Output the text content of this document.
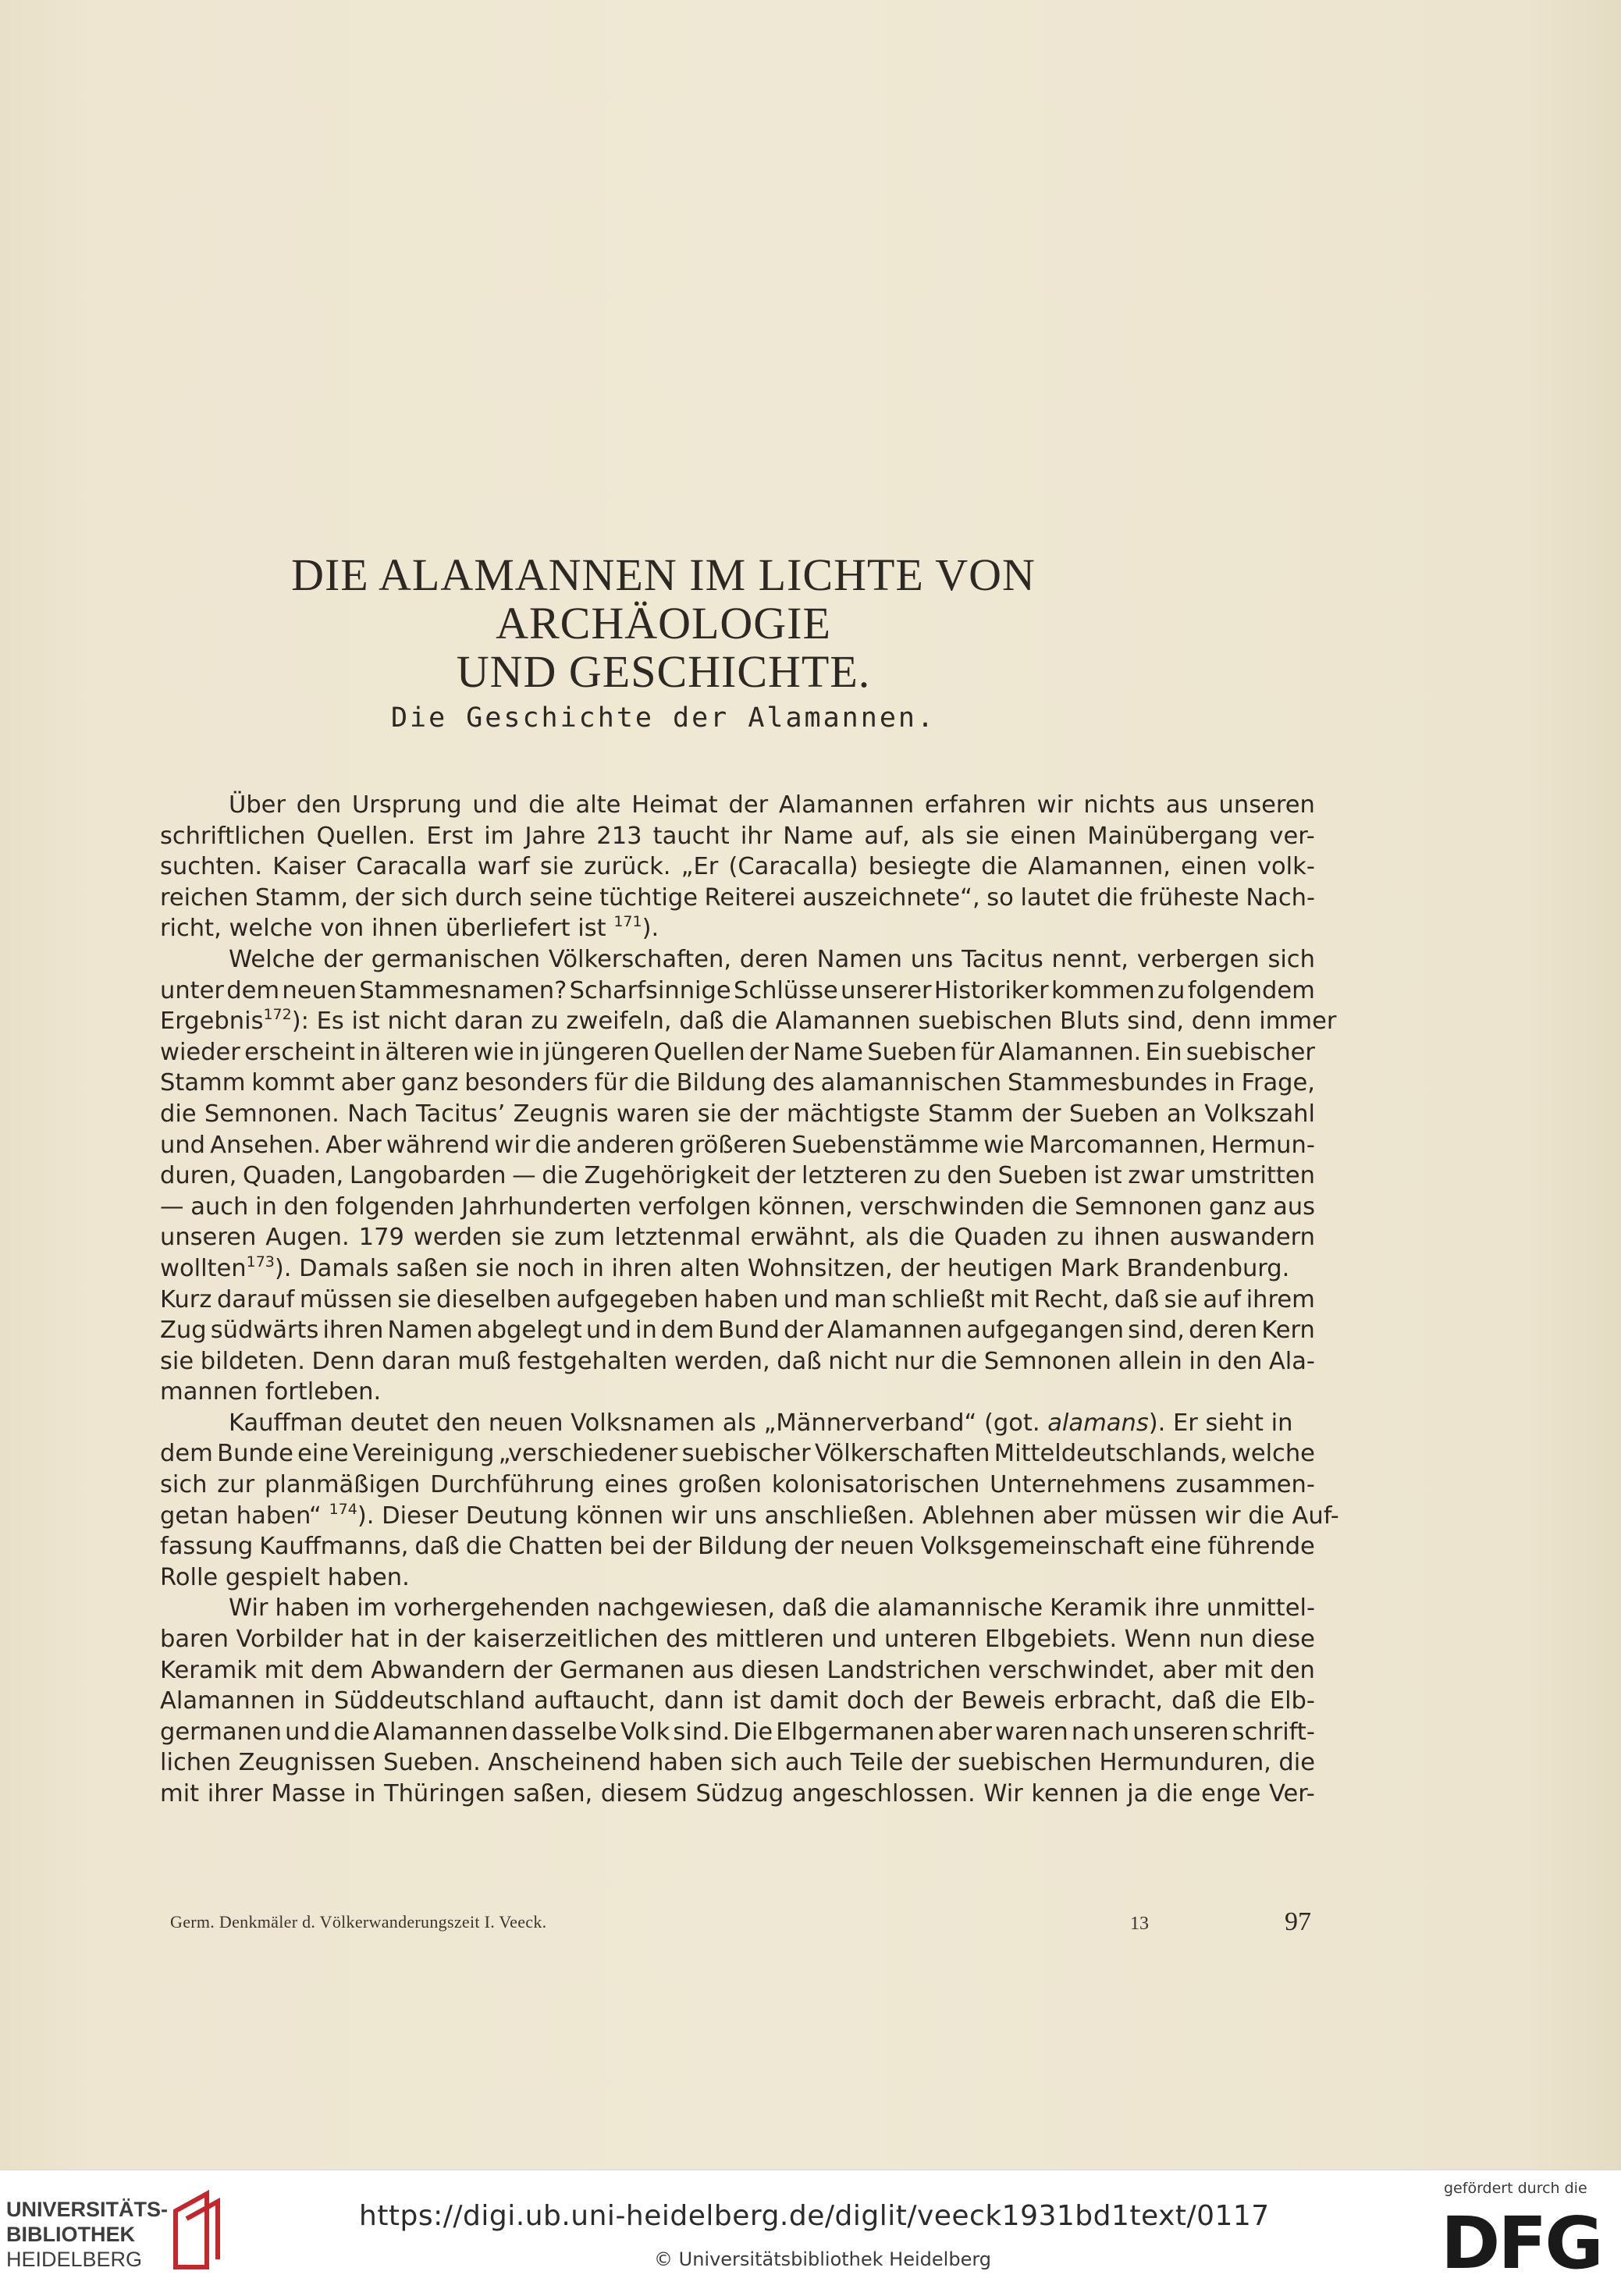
DIE ALAMANNEN IM LICHTE VON ARCHÄOLOGIE
UND GESCHICHTE.
Die Geschichte der Alamannen.
Über den Ursprung und die alte Heimat der Alamannen erfahren wir nichts aus unseren
schriftlichen Quellen. Erst im Jahre 213 taucht ihr Name auf, als sie einen Mainübergang ver-
suchten. Kaiser Caracalla warf sie zurück. „Er (Caracalla) besiegte die Alamannen, einen volk-
reichen Stamm, der sich durch seine tüchtige Reiterei auszeichnete“, so lautet die früheste Nach-
richt, welche von ihnen überliefert ist $^{171}$).
Welche der germanischen Völkerschaften, deren Namen uns Tacitus nennt, verbergen sich
unter dem neuen Stammesnamen? Scharfsinnige Schlüsse unserer Historiker kommen zu folgendem
Ergebnis$^{172}$): Es ist nicht daran zu zweifeln, daß die Alamannen suebischen Bluts sind, denn immer
wieder erscheint in älteren wie in jüngeren Quellen der Name Sueben für Alamannen. Ein suebischer
Stamm kommt aber ganz besonders für die Bildung des alamannischen Stammesbundes in Frage,
die Semnonen. Nach Tacitus’ Zeugnis waren sie der mächtigste Stamm der Sueben an Volkszahl
und Ansehen. Aber während wir die anderen größeren Suebenstämme wie Marcomannen, Hermun-
duren, Quaden, Langobarden — die Zugehörigkeit der letzteren zu den Sueben ist zwar umstritten
— auch in den folgenden Jahrhunderten verfolgen können, verschwinden die Semnonen ganz aus
unseren Augen. 179 werden sie zum letztenmal erwähnt, als die Quaden zu ihnen auswandern
wollten$^{173}$). Damals saßen sie noch in ihren alten Wohnsitzen, der heutigen Mark Brandenburg.
Kurz darauf müssen sie dieselben aufgegeben haben und man schließt mit Recht, daß sie auf ihrem
Zug südwärts ihren Namen abgelegt und in dem Bund der Alamannen aufgegangen sind, deren Kern
sie bildeten. Denn daran muß festgehalten werden, daß nicht nur die Semnonen allein in den Ala-
mannen fortleben.
Kauffman deutet den neuen Volksnamen als „Männerverband“ (got. alamans). Er sieht in
dem Bunde eine Vereinigung „verschiedener suebischer Völkerschaften Mitteldeutschlands, welche
sich zur planmäßigen Durchführung eines großen kolonisatorischen Unternehmens zusammen-
getan haben“ $^{174}$). Dieser Deutung können wir uns anschließen. Ablehnen aber müssen wir die Auf-
fassung Kauffmanns, daß die Chatten bei der Bildung der neuen Volksgemeinschaft eine führende
Rolle gespielt haben.
Wir haben im vorhergehenden nachgewiesen, daß die alamannische Keramik ihre unmittel-
baren Vorbilder hat in der kaiserzeitlichen des mittleren und unteren Elbgebiets. Wenn nun diese
Keramik mit dem Abwandern der Germanen aus diesen Landstrichen verschwindet, aber mit den
Alamannen in Süddeutschland auftaucht, dann ist damit doch der Beweis erbracht, daß die Elb-
germanen und die Alamannen dasselbe Volk sind. Die Elbgermanen aber waren nach unseren schrift-
lichen Zeugnissen Sueben. Anscheinend haben sich auch Teile der suebischen Hermunduren, die
mit ihrer Masse in Thüringen saßen, diesem Südzug angeschlossen. Wir kennen ja die enge Ver-
Germ. Denkmäler d. Völkerwanderungszeit I. Veeck.	13	97
UNIVERSITÄTS-
BIBLIOTHEK
HEIDELBERG
https://digi.ub.uni-heidelberg.de/diglit/veeck1931bd1text/0117
© Universitätsbibliothek Heidelberg
gefördert durch die
DFG
